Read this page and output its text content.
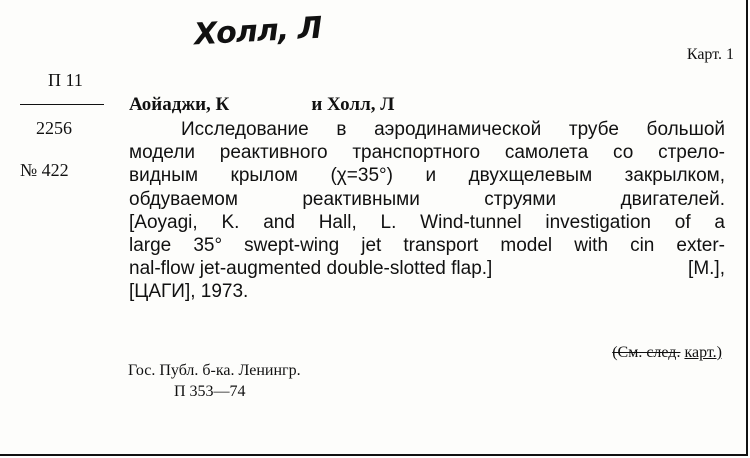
Холл, Л
Карт. 1
П 11
2256
№ 422
Аойаджи, К	и Холл, Л
Исследование в аэродинамической трубе большой
модели реактивного транспортного самолета со стрело-
видным крылом (χ=35°) и двухщелевым закрылком,
обдуваемом реактивными струями двигателей.
[Aoyagi, K. and Hall, L. Wind-tunnel investigation of a
large 35° swept-wing jet transport model with cin exter-
nal-flow jet-augmented double-slotted flap.]	[M.],
[ЦАГИ], 1973.
(См. след. карт.)
Гос. Публ. б-ка. Ленингр.
П 353—74
